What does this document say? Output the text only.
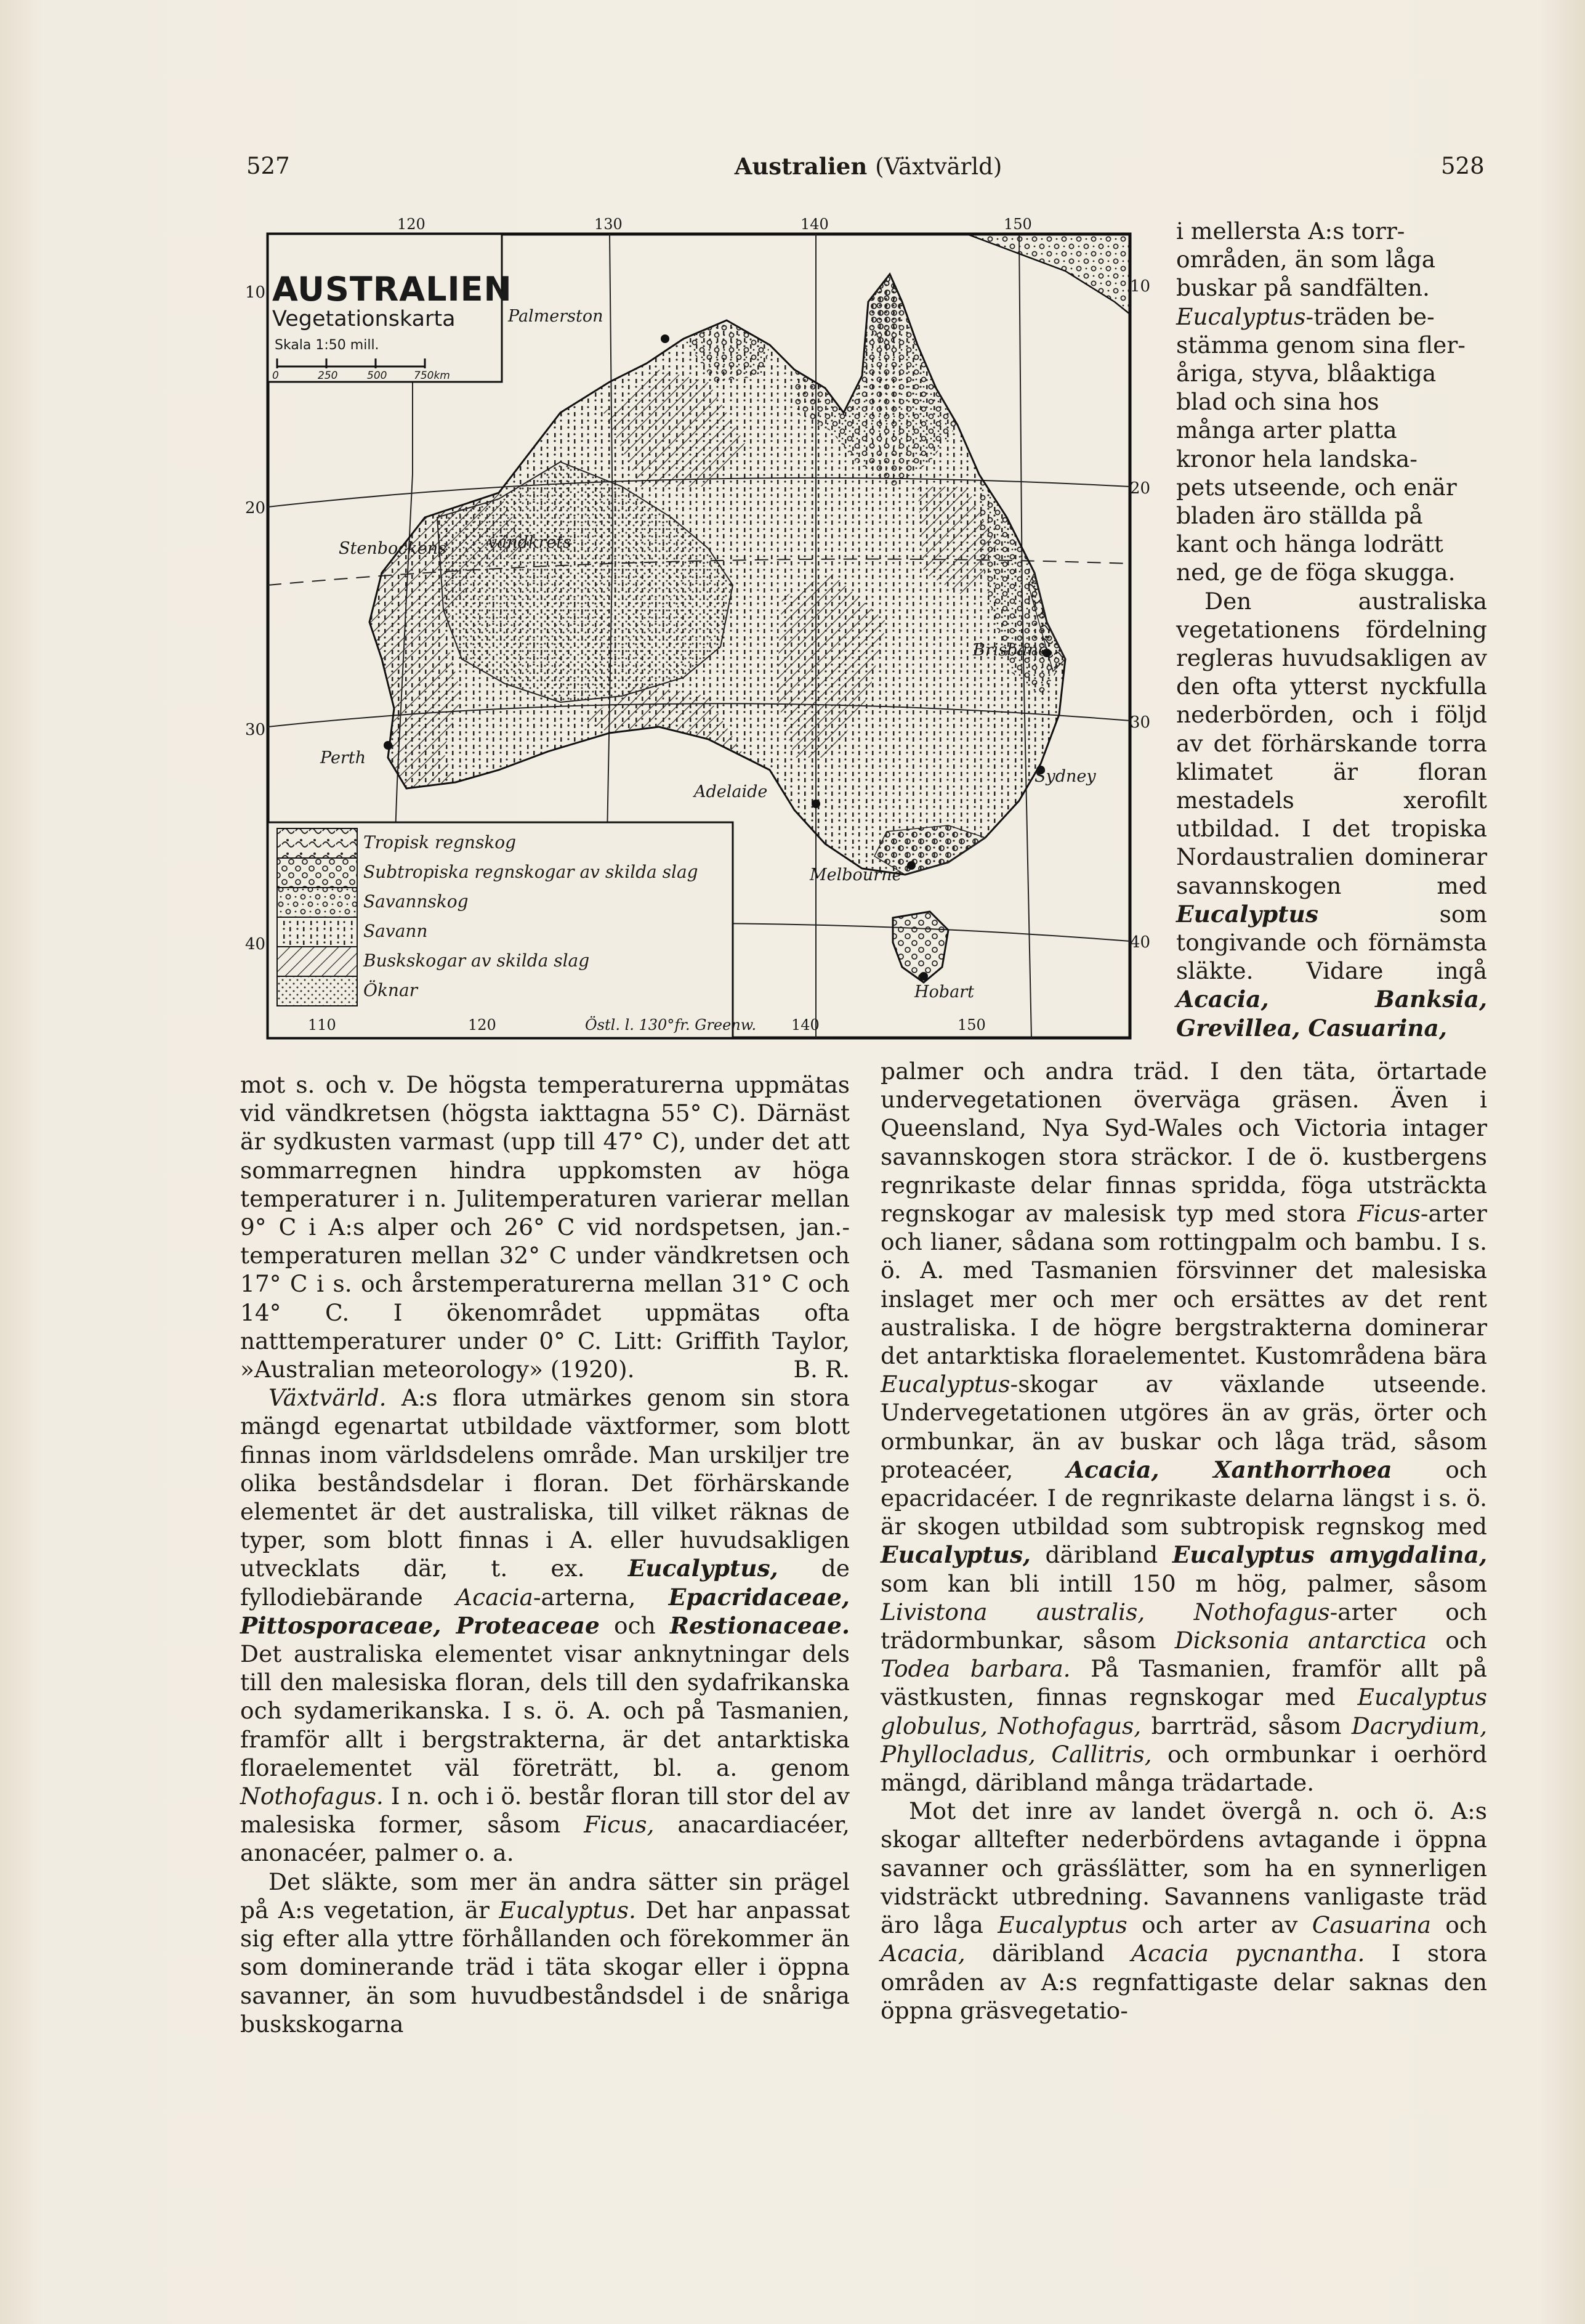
527	Australien (Växtvärld)	528
AUSTRALIEN
Vegetationskarta
Skala 1:50 mill.
0	250	500	750km
120	130	140	150
110	120	Östl. l. 130°fr. Greenw. 140	150
10
20
30
40
10
20
30
40
Palmerston
Stenbockens vändkrets
Perth
Adelaide
Melbourne
Brisbane
Sydney
Hobart
Tropisk regnskog
Subtropiska regnskogar av skilda slag
Savannskog
Savann
Buskskogar av skilda slag
Öknar

i mellersta A:s torr-
områden, än som låga
buskar på sandfälten.
Eucalyptus-träden be-
stämma genom sina fler-
åriga, styva, blåaktiga
blad och sina hos
många arter platta
kronor hela landska-
pets utseende, och enär
bladen äro ställda på
kant och hänga lodrätt
ned, ge de föga skugga.

Den australiska vegetationens fördelning regleras huvudsakligen av den ofta ytterst nyckfulla nederbörden, och i följd av det förhärskande torra klimatet är floran mestadels xerofilt utbildad. I det tropiska Nordaustralien dominerar savannskogen med Eucalyptus som tongivande och förnämsta släkte. Vidare ingå Acacia, Banksia, Grevillea, Casuarina,

mot s. och v. De högsta temperaturerna uppmätas vid vändkretsen (högsta iakttagna 55° C). Därnäst är sydkusten varmast (upp till 47° C), under det att sommarregnen hindra uppkomsten av höga temperaturer i n. Julitemperaturen varierar mellan 9° C i A:s alper och 26° C vid nordspetsen, jan.-temperaturen mellan 32° C under vändkretsen och 17° C i s. och årstemperaturerna mellan 31° C och 14° C. I ökenområdet uppmätas ofta natttemperaturer under 0° C. Litt: Griffith Taylor, »Australian meteorology» (1920).	B. R.

Växtvärld. A:s flora utmärkes genom sin stora mängd egenartat utbildade växtformer, som blott finnas inom världsdelens område. Man urskiljer tre olika beståndsdelar i floran. Det förhärskande elementet är det australiska, till vilket räknas de typer, som blott finnas i A. eller huvudsakligen utvecklats där, t. ex. Eucalyptus, de fyllodiebärande Acacia-arterna, Epacridaceae, Pittosporaceae, Proteaceae och Restionaceae. Det australiska elementet visar anknytningar dels till den malesiska floran, dels till den sydafrikanska och sydamerikanska. I s. ö. A. och på Tasmanien, framför allt i bergstrakterna, är det antarktiska floraelementet väl företrätt, bl. a. genom Nothofagus. I n. och i ö. består floran till stor del av malesiska former, såsom Ficus, anacardiacéer, anonacéer, palmer o. a.

Det släkte, som mer än andra sätter sin prägel på A:s vegetation, är Eucalyptus. Det har anpassat sig efter alla yttre förhållanden och förekommer än som dominerande träd i täta skogar eller i öppna savanner, än som huvudbeståndsdel i de snåriga buskskogarna

palmer och andra träd. I den täta, örtartade undervegetationen överväga gräsen. Även i Queensland, Nya Syd-Wales och Victoria intager savannskogen stora sträckor. I de ö. kustbergens regnrikaste delar finnas spridda, föga utsträckta regnskogar av malesisk typ med stora Ficus-arter och lianer, sådana som rottingpalm och bambu. I s. ö. A. med Tasmanien försvinner det malesiska inslaget mer och mer och ersättes av det rent australiska. I de högre bergstrakterna dominerar det antarktiska floraelementet. Kustområdena bära Eucalyptus-skogar av växlande utseende. Undervegetationen utgöres än av gräs, örter och ormbunkar, än av buskar och låga träd, såsom proteacéer, Acacia, Xanthorrhoea och epacridacéer. I de regnrikaste delarna längst i s. ö. är skogen utbildad som subtropisk regnskog med Eucalyptus, däribland Eucalyptus amygdalina, som kan bli intill 150 m hög, palmer, såsom Livistona australis, Nothofagus-arter och trädormbunkar, såsom Dicksonia antarctica och Todea barbara. På Tasmanien, framför allt på västkusten, finnas regnskogar med Eucalyptus globulus, Nothofagus, barrträd, såsom Dacrydium, Phyllocladus, Callitris, och ormbunkar i oerhörd mängd, däribland många trädartade.

Mot det inre av landet övergå n. och ö. A:s skogar alltefter nederbördens avtagande i öppna savanner och gräsślätter, som ha en synnerligen vidsträckt utbredning. Savannens vanligaste träd äro låga Eucalyptus och arter av Casuarina och Acacia, däribland Acacia pycnantha. I stora områden av A:s regnfattigaste delar saknas den öppna gräsvegetatio-
